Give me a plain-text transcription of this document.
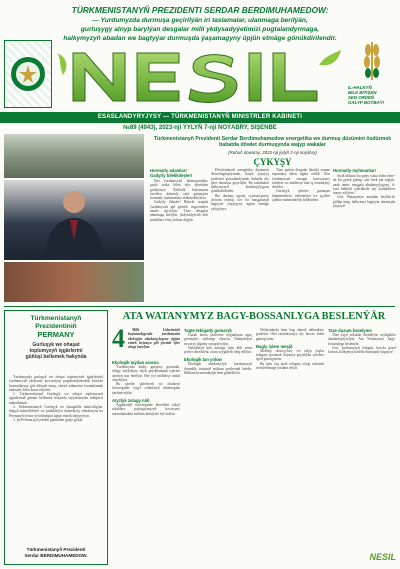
TÜRKMENISTANYŇ PREZIDENTI SERDAR BERDIMUHAMEDOW:
— Yurdumyzda durmuşa geçirilýän iri taslamalar, ulanmaga berilýän,
gurluşygy alnyp barylýan desgalar milli ykdysadyýetimizi pugtalandyrmaga,
halkymyzyň abadan we bagtyýar durmuşda ýaşamagyny üpjün etmäge gönükdirilendir.
IL-HALKYŇ
BILE BITIŞEN
SEN ORDEŇ
GALYP BOÝBAÝ!
ESASLANDYRYJYSY — TÜRKMENISTANYŇ MINISTRLER KABINETI
№89 (4943), 2023-nji ÝYLYŇ 7-nji NOÝABRY, SIŞENBE
Türkmenistanyň Prezidenti Serdar Berdimuhamedow energetika we durmuş düzümini ösdürmek babatda döwlet durmuşynda wajyp wakalar
(Ruhuň dowamy, 2023-nji ýylyň 2-nji noýabry)
ÇYKYŞY
Hormatly adamlar!
Gadyrly bilelikdeşler!

Sizi ýurdumyzyň durmuşyndaky şanly waka bilen tüýs ýürekden gutlaýaryn. Ählihalk baýramyna öwrülen dabaraly çärä gatnaşýan hormatly myhmanlary mübärekleýärin.

Gadyrly ildeşler! Häzirki wagtda ýurdumyzda giň gerimli özgertmeler amala aşyrylýar. Täze desgalar ulanmaga berilýär, ykdysadyýetiň ähli pudaklary ösüş ýoluna düşýär.

Döwletimiziň energetika düzümini döwrebaplaşdyrmak, ilatyň ýaşaýyş şertlerini gowulandyrmak babatda uly işler durmuşa geçirilýär. Bu taslamalar halkymyzyň abadançylygyna gönükdirilendir.

Biz durmuş ugurly syýasatymyzy dowam etdirip, her bir maşgalanyň bagtyýar ýaşaýşyny üpjün etmäge çalyşýarys.

Täze gurlan desgalar häzirki zaman enjamlary bilen üpjün edildi. Olar ýurdumyzyň senagat kuwwatyny artdyrar we müňlerçe täze iş orunlaryny döreder.

Gurluşyk işlerine gatnaşan hünärmenlere, inženerlere we işçilere çuňňur minnetdarlyk bildirýärin.

Hormatly myhmanlar!

Siziň ählisini bu şanly waka bilen ýene-de bir gezek gutlap, size berk jan saglyk, uzak ömür, maşgala abadançylygyny, il-ýurt bähbitli işleriňizde uly üstünlikleri arzuw edýärin!

Goý, Watanymyz mundan beýläk-de gülläp ösüp, halkymyz bagtyýar durmuşda ýaşasyn!

Türkmenistanyň
Prezidentiniň
PERMANY
Gurluşyk we oňaşat
toplumyzyň işgärlerini
güňüşi bellemek hakynda

Ýurdumyzda gurluşyk we oňaşat toplumynyň işgärleriniň ýurdumyzyň ykdysady kuwwatyny pugtalandyrmakda bitirýän hyzmatlaryny göz öňünde tutup, olaryň zähmetini hormatlamak maksady bilen karar edýärin:

1. Türkmenistanyň Gurluşyk we oňaşat toplumynyň işgärleriniň gününi bellemek hakynda taýýarlanylan teklipleri makullamak.

2. Türkmenistanyň Gurluşyk we binagärlik ministrligine, degişli ministrliklere we pudaklaýyn dolandyryş edaralaryna bu Permanyň ýerine ýetirilmegini üpjün etmek tabşyrylsyn.

3. Şu Perman gol çekilen gününden güýje girýär.

Türkmenistanyň Prezidenti
Serdar BERDIMUHAMEDOW.
ATA WATANYMYZ BAGY-BOSSANLYGA BESLENÝÄR
4	Milli Liderimiziň baştutanlygynda ýurdumyzda ekologiýa abadançylygyny üpjün etmek boýunça giň gerimli işler alnyp barylýar.

Ekologik taýdan arassa

Ýurdumyzda daşky gurşawy goramak, tebigy baýlyklary rejeli peýdalanmak işlerine aýratyn üns berilýär. Her ýyl müňlerçe nahal oturdylýar.

Bu çäreler şäherleriň we obalaryň töwereginde ýaşyl zolaklaryň döremegine ýardam edýär.

Atyzlyk zolagy näň

Aşgabadyň töwereginde döredilen tokaý zolaklary paýtagtymyzyň howasyny arassalamakda möhüm ähmiýete eýe bolýar.

Tagte tebigatly gumaryk

Gurak howa şertlerine uýgunlaşan agaç görnüşleri saýlanyp alynýar. Damjalaýyn suwaryş ulgamy ornaşdyrylýar.

Nahallaryň kök urmagy üçin ähli zerur şertler döredilýär, olara yzygiderli ideg edilýär.

Ekologik tan yolow

Ekologik abadançylyk ýurdumyzyň durnukly ösüşiniň möhüm şertleriniň biridir. Halkara hyzmatdaşlyk hem giňeldilýär.

Welaýatlarda hem bag ekmek dabaralary guralýar. Oňa raýatlarymyz uly höwes bilen gatnaşýarlar.

Bagly işlem meşjit

Mekdep okuwçylary we talyp ýaşlar tebigaty goramak boýunça geçirilýän çärelere işjeň gatnaşýarlar.

Bu işler ýaş nesli tebigata söýgi ruhunda terbiýelemäge ýardam edýär.

Taze duzum bezelyme

Täze ýaşyl zolaklar döredilýär, seýilgähler abadanlaşdyrylýar. Ata Watanymyz bagy-bossanlyga beslenýär.

Goý, ýurdumyzyň tebigaty has-da gözel bolsun, halkymyz bolelin durmuşda ýaşasyn!

NESIL
